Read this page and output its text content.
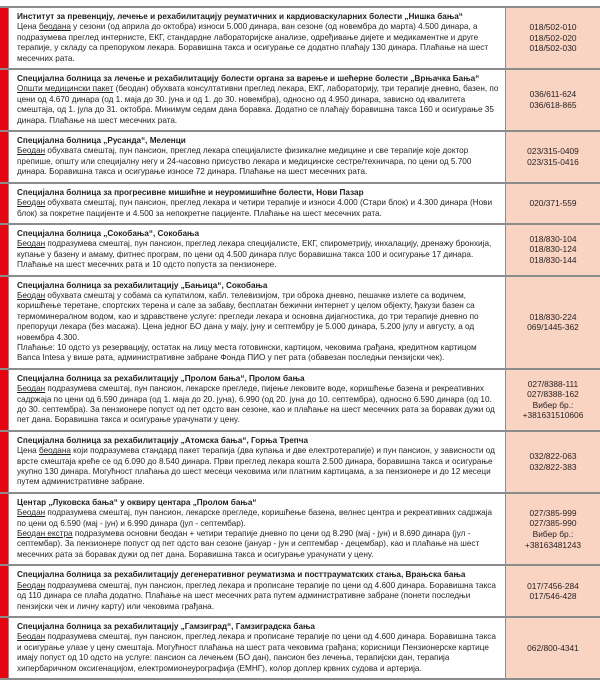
Институт за превенцију, лечење и рехабилитацију реуматичних и кардиоваскуларних болести „Нишка бања“
Цена беодана у сезони (од априла до октобра) износи 5.000 динара, ван сезоне (од новембра до марта) 4.500 динара, а подразумева преглед интернисте, ЕКГ, стандардне лабораторијске анализе, одређивање дијете и медикаментне и друге терапије, у складу са препоруком лекара. Боравишна такса и осигурање се додатно плаћају 130 динара. Плаћање на шест месечних рата.
018/502-010
018/502-020
018/502-030
Специјална болница за лечење и рехабилитацију болести органа за варење и шећерне болести „Врњачка Бања“
Општи медицински пакет (беодан) обухвата консултативни преглед лекара, ЕКГ, лабораторију, три терапије дневно, базен, по цени од 4.670 динара (од 1. маја до 30. јуна и од 1. до 30. новембра), односно од 4.950 динара, зависно од квалитета смештаја, од 1. јула до 31. октобра. Минимум седам дана боравка. Додатно се плаћају боравишна такса 160 и осигурање 35 динара. Плаћање на шест месечних рата.
036/611-624
036/618-865
Специјална болница „Русанда“, Меленци
Беодан обухвата смештај, пун пансион, преглед лекара специјалисте физикалне медицине и све терапије које доктор препише, општу или специјалну негу и 24-часовно присуство лекара и медицинске сестре/техничара, по цени од 5.700 динара. Боравишна такса и осигурање износе 72 динара. Плаћање на шест месечних рата.
023/315-0409
023/315-0416
Специјална болница за прогресивне мишићне и неуромишићне болести, Нови Пазар
Беодан обухвата смештај, пун пансион, преглед лекара и четири терапије и износи 4.000 (Стари блок) и 4.300 динара (Нови блок) за покретне пацијенте и 4.500 за непокретне пацијенте. Плаћање на шест месечних рата.
020/371-559
Специјална болница „Сокобања“, Сокобања
Беодан подразумева смештај, пун пансион, преглед лекара специјалисте, ЕКГ, спирометрију, инхалацију, дренажу бронхија, купање у базену и амаму, фитнес програм, по цени од 4.500 динара плус боравишна такса 100 и осигурање 17 динара. Плаћање на шест месечних рата и 10 одсто попуста за пензионере.
018/830-104
018/830-124
018/830-144
Специјална болница за рехабилитацију „Бањица“, Сокобања
Беодан обухвата смештај у собама са купатилом, кабл. телевизијом, три оброка дневно, пешачке излете са водичем, коришћење теретане, спортских терена и сале за забаву, бесплатан бежични интернет у целом објекту, ђакузи базен са термоминералном водом, као и здравствене услуге: прегледи лекара и основна дијагностика, до три терапије дневно по препоруци лекара (без масажа). Цена једног БО дана у мају, јуну и септембру је 5.000 динара, 5.200 јулу и августу, а од новембра 4.300.
Плаћање: 10 одсто уз резервацију, остатак на лицу места готовински, картицом, чековима грађана, кредитном картицом Banca Intesa у више рата, административне забране Фонда ПИО у пет рата (обавезан последњи пензијски чек).
018/830-224
069/1445-362
Специјална болница за рехабилитацију „Пролом бања“, Пролом бања
Беодан подразумева смештај, пун пансион, лекарске прегледе, пијење лековите воде, коришћење базена и рекреативних садржаја по цени од 6.590 динара (од 1. маја до 20. јуна), 6.990 (од 20. јуна до 10. септембра), односно 6.590 динара (од 10. до 30. септембра). За пензионере попуст од пет одсто ван сезоне, као и плаћање на шест месечних рата за боравак дужи од пет дана. Боравишна такса и осигурање урачунати у цену.
027/8388-111
027/8388-162
Вибер бр.:
+381631510606
Специјална болница за рехабилитацију „Атомска бања“, Горња Трепча
Цена беодана који подразумева стандард пакет терапија (два купања и две електротерапије) и пун пансион, у зависности од врсте смештаја креће се од 6.090 до 8.540 динара. Први преглед лекара кошта 2.500 динара, боравишна такса и осигурање укупно 130 динара. Могућност плаћања до шест месеци чековима или платним картицама, а за пензионере и до 12 месеци путем административне забране.
032/822-063
032/822-383
Центар „Луковска бања“ у оквиру центара „Пролом бања“
Беодан подразумева смештај, пун пансион, лекарске прегледе, коришћење базена, велнес центра и рекреативних садржаја по цени од 6.590 (мај - јун) и 6.990 динара (јул - септембар).
Беодан екстра подразумева основни беодан + четири терапије дневно по цени од 8.290 (мај - јун) и 8.690 динара (јул - септембар). За пензионере попуст од пет одсто ван сезоне (јануар - јун и септембар - децембар), као и плаћање на шест месечних рата за боравак дужи од пет дана. Боравишна такса и осигурање урачунати у цену.
027/385-999
027/385-990
Вибер бр.:
+38163481243
Специјална болница за рехабилитацију дегенеративног реуматизма и посттрауматских стања, Врањска бања
Беодан подразумева смештај, пун пансион, преглед лекара и прописане терапије по цени од 4.600 динара. Боравишна такса од 110 динара се плаћа додатно. Плаћање на шест месечних рата путем административне забране (понети последњи пензијски чек и личну карту) или чековима грађана.
017/7456-284
017/546-428
Специјална болница за рехабилитацију „Гамзиград“, Гамзиградска бања
Беодан подразумева смештај, пун пансион, преглед лекара и прописане терапије по цени од 4.600 динара. Боравишна такса и осигурање улазе у цену смештаја. Могућност плаћања на шест рата чековима грађана; корисници Пензионерске картице имају попуст од 10 одсто на услуге: пансион са лечењем (БО дан), пансион без лечења, терапијски дан, терапија хипербаричном оксигенацијом, електромионеурографија (ЕМНГ), колор доплер крвних судова и артерија.
062/800-4341
